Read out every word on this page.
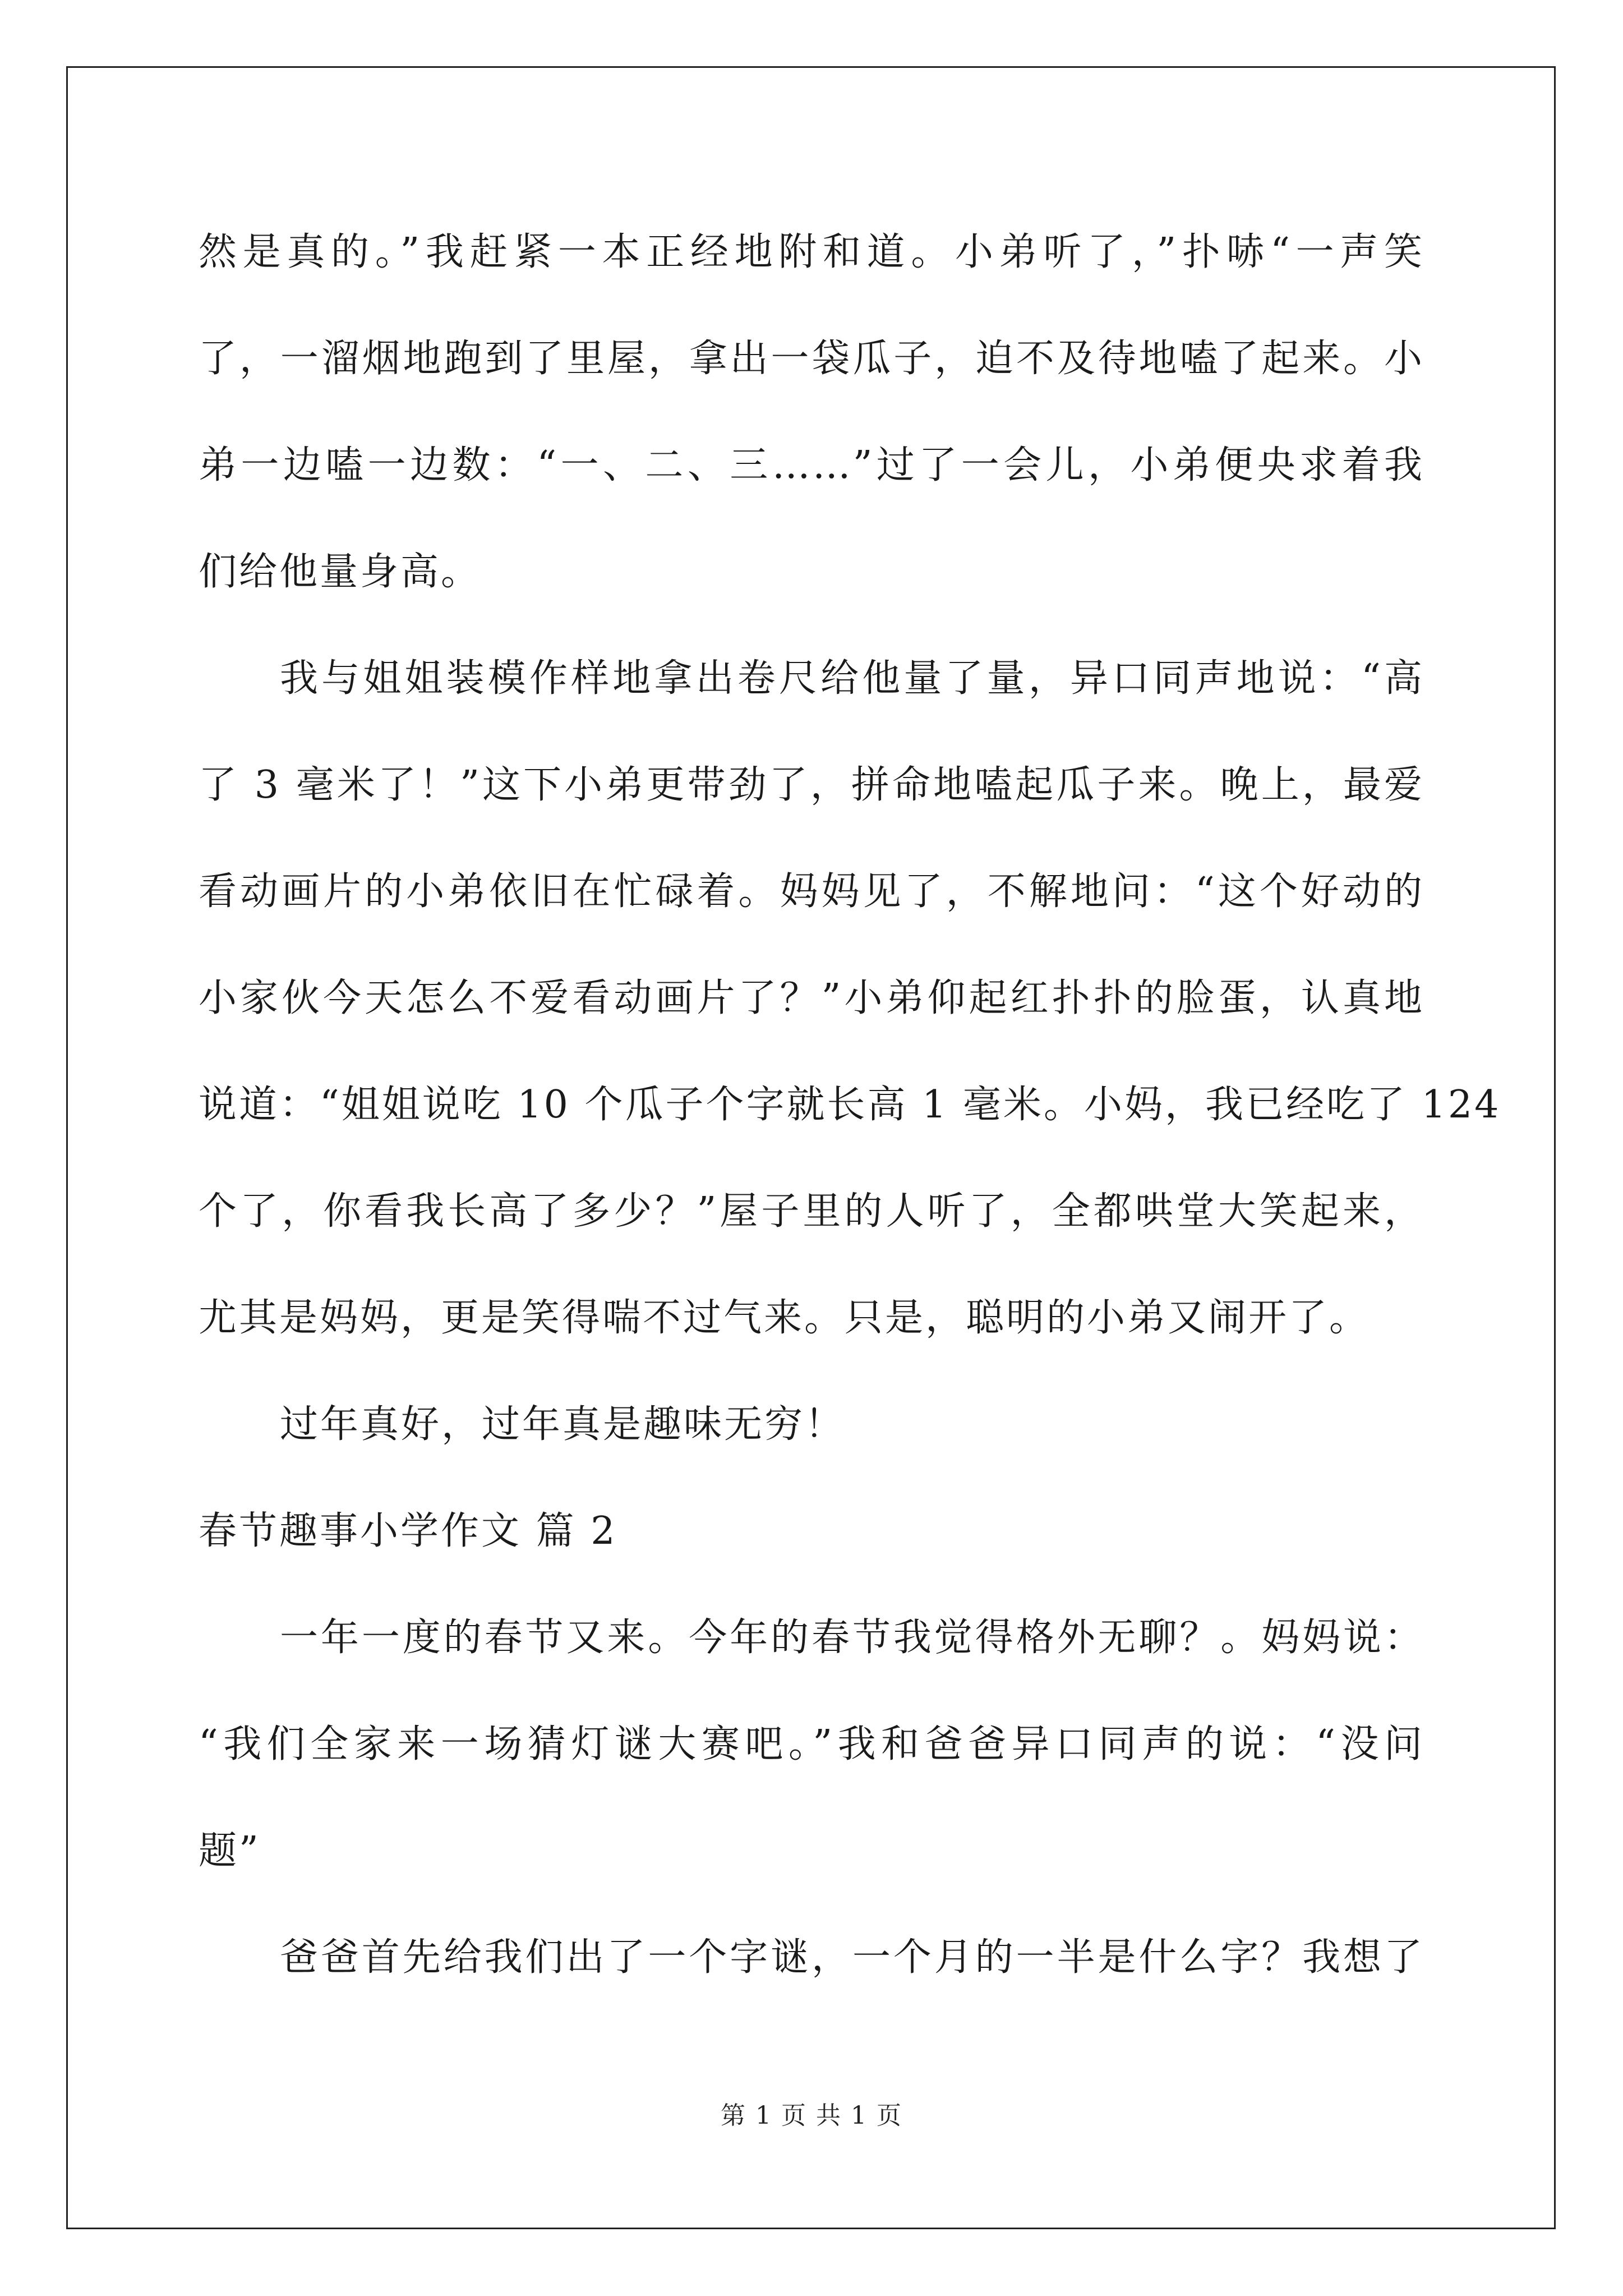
然是真的。”我赶紧一本正经地附和道。小弟听了，”扑哧“一声笑
了，一溜烟地跑到了里屋，拿出一袋瓜子，迫不及待地嗑了起来。小
弟一边嗑一边数：“一、二、三……”过了一会儿，小弟便央求着我
们给他量身高。
我与姐姐装模作样地拿出卷尺给他量了量，异口同声地说：“高
了 3 毫米了！”这下小弟更带劲了，拼命地嗑起瓜子来。晚上，最爱
看动画片的小弟依旧在忙碌着。妈妈见了，不解地问：“这个好动的
小家伙今天怎么不爱看动画片了？”小弟仰起红扑扑的脸蛋，认真地
说道：“姐姐说吃 10 个瓜子个字就长高 1 毫米。小妈，我已经吃了 124
个了，你看我长高了多少？”屋子里的人听了，全都哄堂大笑起来，
尤其是妈妈，更是笑得喘不过气来。只是，聪明的小弟又闹开了。
过年真好，过年真是趣味无穷！
春节趣事小学作文 篇 2
一年一度的春节又来。今年的春节我觉得格外无聊？。妈妈说：
“我们全家来一场猜灯谜大赛吧。”我和爸爸异口同声的说：“没问
题”
爸爸首先给我们出了一个字谜，一个月的一半是什么字？我想了
第 1 页 共 1 页
